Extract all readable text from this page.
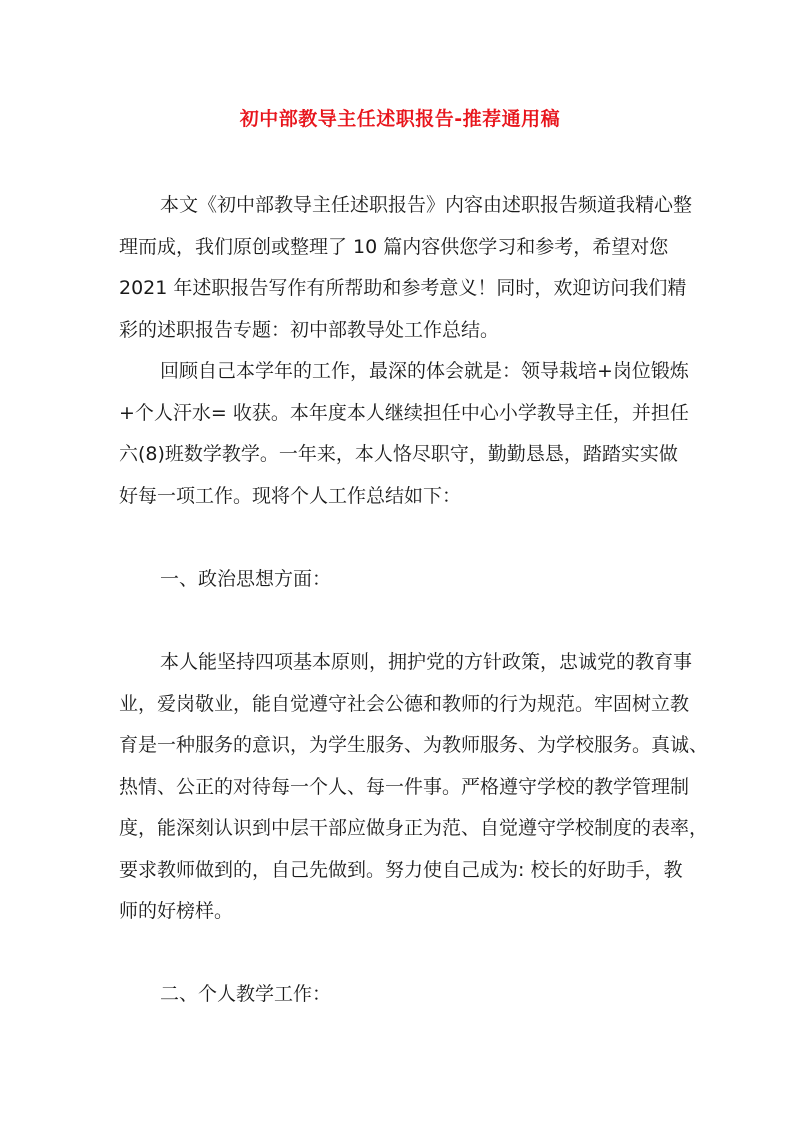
初中部教导主任述职报告-推荐通用稿
本文《初中部教导主任述职报告》内容由述职报告频道我精心整
理而成，我们原创或整理了 10 篇内容供您学习和参考，希望对您
2021 年述职报告写作有所帮助和参考意义！同时，欢迎访问我们精
彩的述职报告专题：初中部教导处工作总结。
回顾自己本学年的工作，最深的体会就是：领导栽培+岗位锻炼
+个人汗水= 收获。本年度本人继续担任中心小学教导主任，并担任
六(8)班数学教学。一年来，本人恪尽职守，勤勤恳恳，踏踏实实做
好每一项工作。现将个人工作总结如下：
一、政治思想方面：
本人能坚持四项基本原则，拥护党的方针政策，忠诚党的教育事
业，爱岗敬业，能自觉遵守社会公德和教师的行为规范。牢固树立教
育是一种服务的意识，为学生服务、为教师服务、为学校服务。真诚、
热情、公正的对待每一个人、每一件事。严格遵守学校的教学管理制
度，能深刻认识到中层干部应做身正为范、自觉遵守学校制度的表率，
要求教师做到的，自己先做到。努力使自己成为: 校长的好助手，教
师的好榜样。
二、个人教学工作：
